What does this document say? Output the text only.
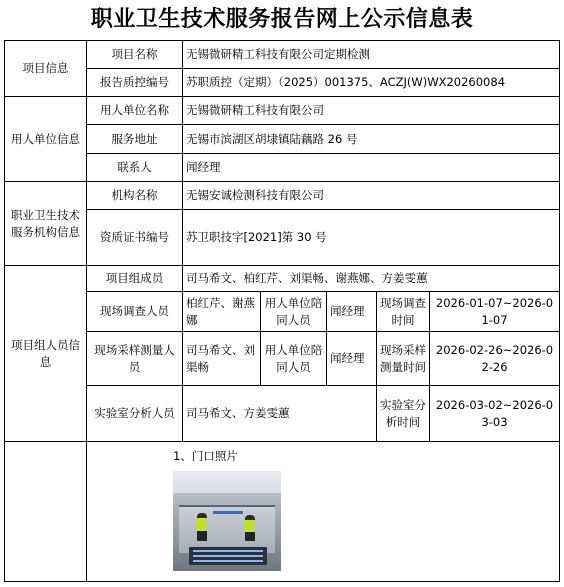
职业卫生技术服务报告网上公示信息表
项目信息	项目名称	无锡微研精工科技有限公司定期检测				
	报告质控编号	苏职质控（定期）（2025）001375、ACZJ(W)WX20260084				
用人单位信息	用人单位名称	无锡微研精工科技有限公司				
	服务地址	无锡市滨湖区胡埭镇陆藕路 26 号				
	联系人	闻经理				
职业卫生技术服务机构信息	机构名称	无锡安诚检测科技有限公司				
	资质证书编号	苏卫职技字[2021]第 30 号				
项目组人员信息	项目组成员	司马希文、柏红芹、刘渠畅、谢燕娜、方姜雯蕙				
	现场调查人员	柏红芹、谢燕娜	用人单位陪同人员	闻经理	现场调查时间	2026-01-07~2026-01-07
	现场采样测量人员	司马希文、刘渠畅	用人单位陪同人员	闻经理	现场采样测量时间	2026-02-26~2026-02-26
	实验室分析人员	司马希文、方姜雯蕙			实验室分析时间	2026-03-02~2026-03-03

	1、门口照片					
